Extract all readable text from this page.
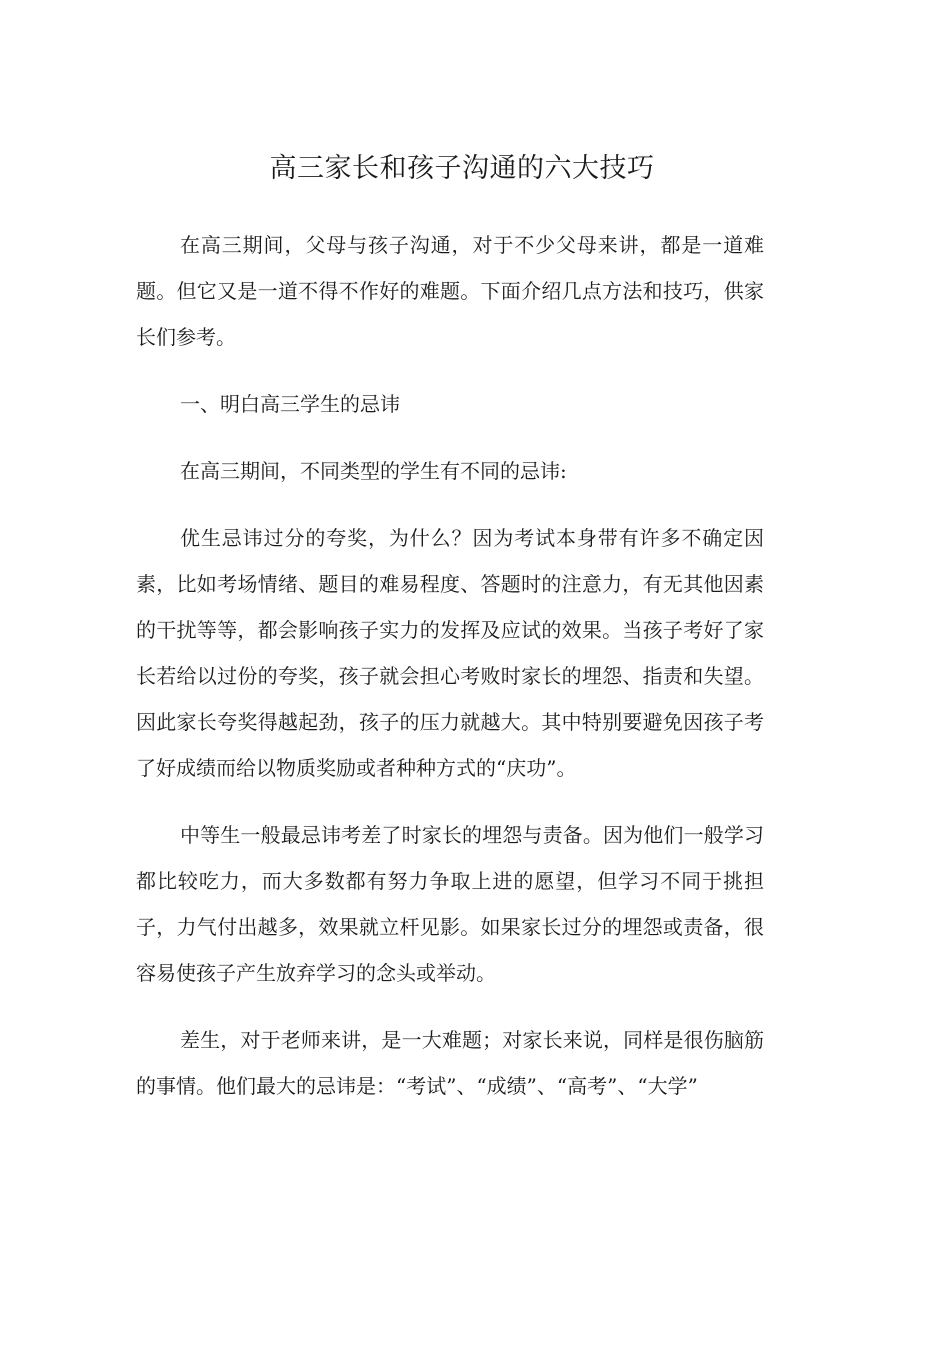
高三家长和孩子沟通的六大技巧

在高三期间，父母与孩子沟通，对于不少父母来讲，都是一道难题。但它又是一道不得不作好的难题。下面介绍几点方法和技巧，供家长们参考。

一、明白高三学生的忌讳

在高三期间，不同类型的学生有不同的忌讳:

优生忌讳过分的夸奖，为什么？因为考试本身带有许多不确定因素，比如考场情绪、题目的难易程度、答题时的注意力，有无其他因素的干扰等等，都会影响孩子实力的发挥及应试的效果。当孩子考好了家长若给以过份的夸奖，孩子就会担心考败时家长的埋怨、指责和失望。因此家长夸奖得越起劲，孩子的压力就越大。其中特别要避免因孩子考了好成绩而给以物质奖励或者种种方式的“庆功”。

中等生一般最忌讳考差了时家长的埋怨与责备。因为他们一般学习都比较吃力，而大多数都有努力争取上进的愿望，但学习不同于挑担子，力气付出越多，效果就立杆见影。如果家长过分的埋怨或责备，很容易使孩子产生放弃学习的念头或举动。

差生，对于老师来讲，是一大难题；对家长来说，同样是很伤脑筋的事情。他们最大的忌讳是：“考试”、“成绩”、“高考”、“大学”
